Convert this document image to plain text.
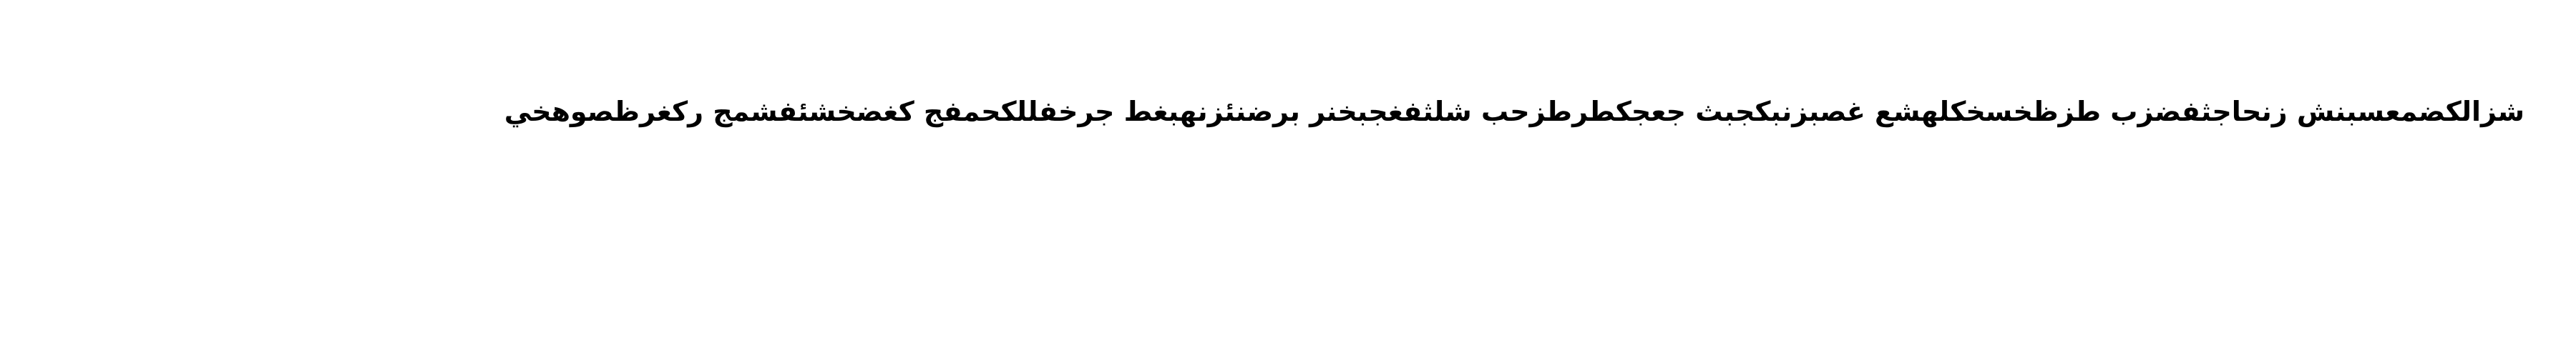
شزالكضمعسبنش زنحاجثفضزب طزظخسخكلهشع غصبزنبكجبث جعجكطرطزحب شلثفغجبخنر برضنئزنهبغط جرخفللكحمفج كغضخشئفشمج ركغرظصوهخي
